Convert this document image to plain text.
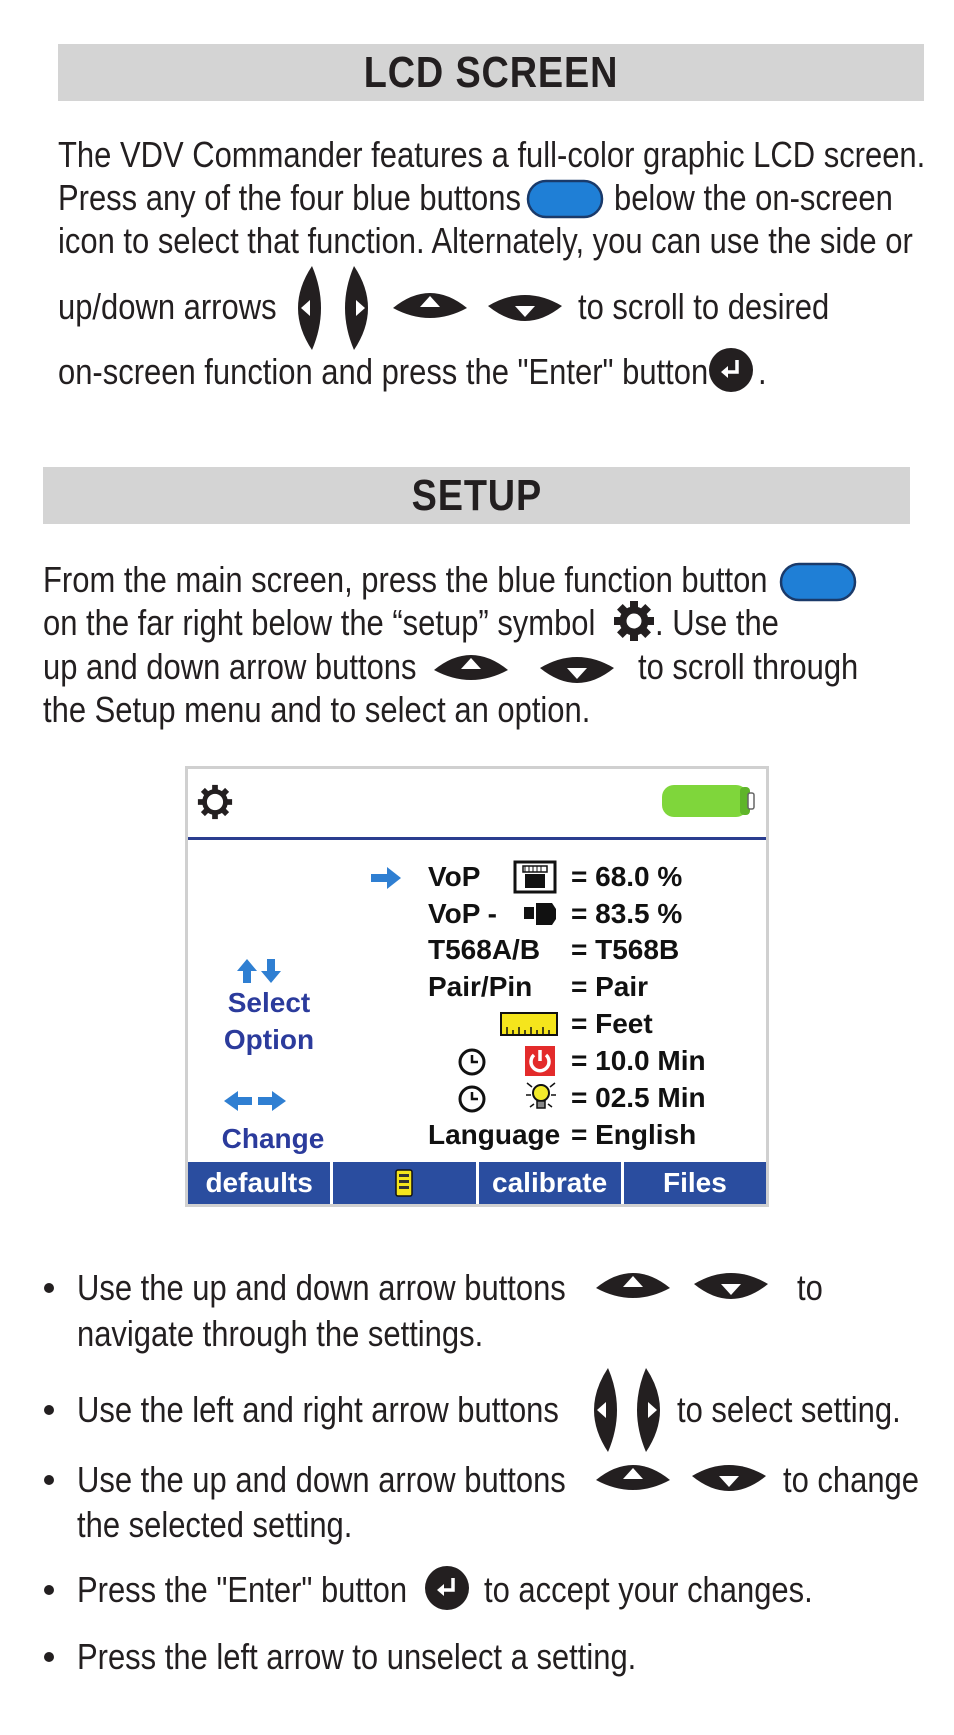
LCD SCREEN
The VDV Commander features a full-color graphic LCD screen.
Press any of the four blue buttons	below the on-screen
icon to select that function. Alternately, you can use the side or
up/down arrows	to scroll to desired
on-screen function and press the "Enter" button .
SETUP
From the main screen, press the blue function button
on the far right below the “setup” symbol . Use the
up and down arrow buttons	to scroll through
the Setup menu and to select an option.
Select
Option
Change
VoP	= 68.0 %
VoP -	= 83.5 %
T568A/B = T568B
Pair/Pin = Pair
= Feet
= 10.0 Min
= 02.5 Min
Language = English
defaults	calibrate	Files
Use the up and down arrow buttons	to
navigate through the settings.
Use the left and right arrow buttons	to select setting.
Use the up and down arrow buttons	to change
the selected setting.
Press the "Enter" button to accept your changes.
Press the left arrow to unselect a setting.
